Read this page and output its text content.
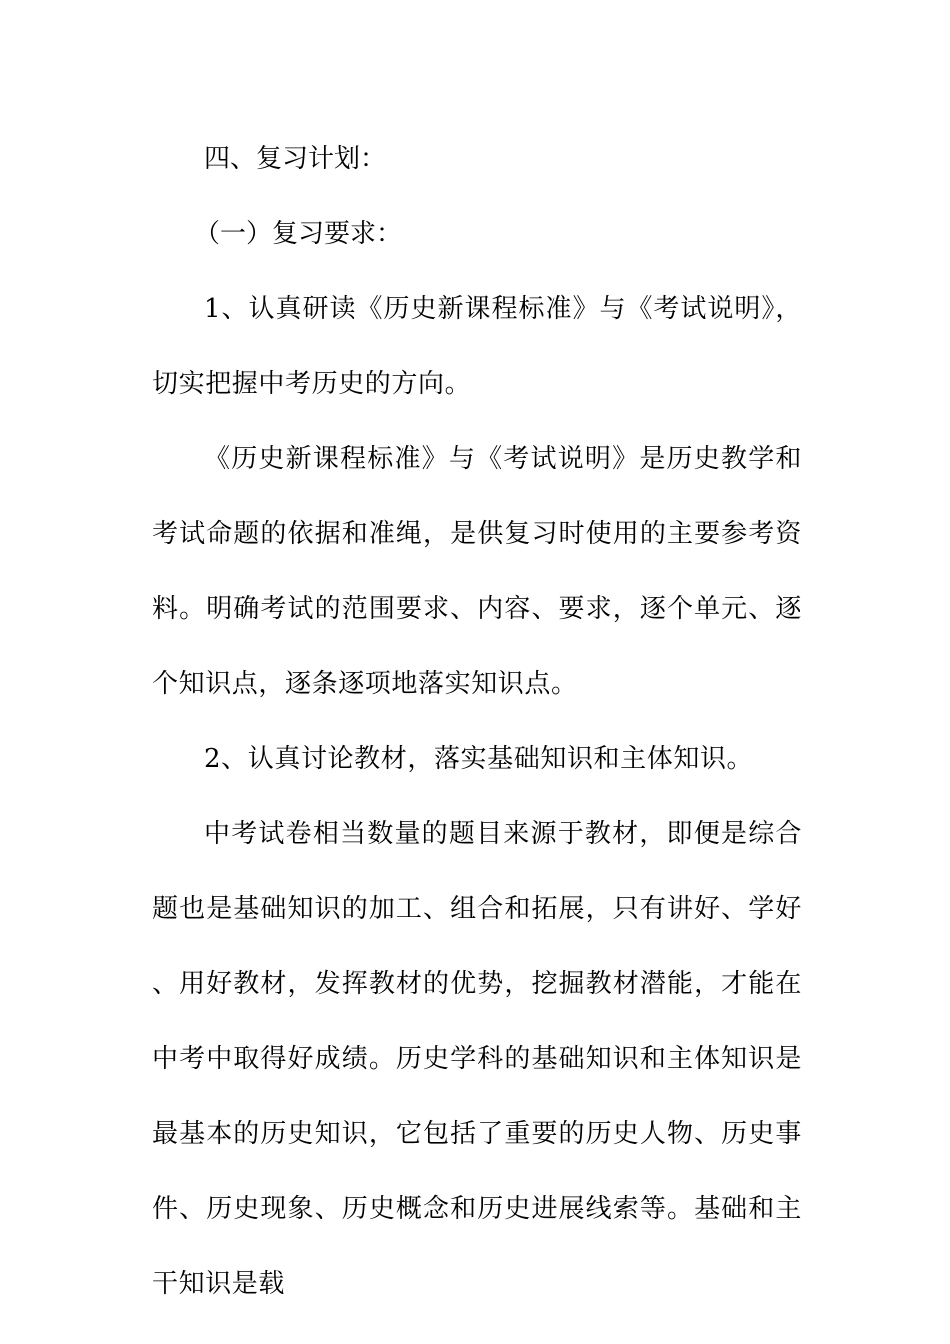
四、复习计划：

（一）复习要求：

1、认真研读《历史新课程标准》与《考试说明》，切实把握中考历史的方向。

《历史新课程标准》与《考试说明》是历史教学和考试命题的依据和准绳，是供复习时使用的主要参考资料。明确考试的范围要求、内容、要求，逐个单元、逐个知识点，逐条逐项地落实知识点。

2、认真讨论教材，落实基础知识和主体知识。

中考试卷相当数量的题目来源于教材，即便是综合题也是基础知识的加工、组合和拓展，只有讲好、学好、用好教材，发挥教材的优势，挖掘教材潜能，才能在中考中取得好成绩。历史学科的基础知识和主体知识是最基本的历史知识，它包括了重要的历史人物、历史事件、历史现象、历史概念和历史进展线索等。基础和主干知识是载
